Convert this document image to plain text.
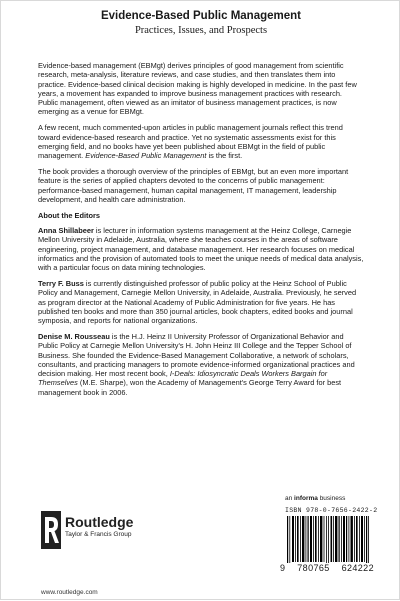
Evidence-Based Public Management
Practices, Issues, and Prospects

Evidence-based management (EBMgt) derives principles of good management from scientific research, meta-analysis, literature reviews, and case studies, and then translates them into practice. Evidence-based clinical decision making is highly developed in medicine. In the past few years, a movement has expanded to improve business management practices with research. Public management, often viewed as an imitator of business management practices, is now emerging as a venue for EBMgt.

A few recent, much commented-upon articles in public management journals reflect this trend toward evidence-based research and practice. Yet no systematic assessments exist for this emerging field, and no books have yet been published about EBMgt in the field of public management. Evidence-Based Public Management is the first.

The book provides a thorough overview of the principles of EBMgt, but an even more important feature is the series of applied chapters devoted to the concerns of public management: performance-based management, human capital management, IT management, leadership development, and health care administration.

About the Editors

Anna Shillabeer is lecturer in information systems management at the Heinz College, Carnegie Mellon University in Adelaide, Australia, where she teaches courses in the areas of software engineering, project management, and database management. Her research focuses on medical informatics and the provision of automated tools to meet the unique needs of medical data analysis, with a particular focus on data mining technologies.

Terry F. Buss is currently distinguished professor of public policy at the Heinz School of Public Policy and Management, Carnegie Mellon University, in Adelaide, Australia. Previously, he served as program director at the National Academy of Public Administration for five years. He has published ten books and more than 350 journal articles, book chapters, edited books and journal symposia, and reports for national organizations.

Denise M. Rousseau is the H.J. Heinz II University Professor of Organizational Behavior and Public Policy at Carnegie Mellon University's H. John Heinz III College and the Tepper School of Business. She founded the Evidence-Based Management Collaborative, a network of scholars, consultants, and practicing managers to promote evidence-informed organizational practices and decision making. Her most recent book, I-Deals: Idiosyncratic Deals Workers Bargain for Themselves (M.E. Sharpe), won the Academy of Management's George Terry Award for best management book in 2006.

an informa business
ISBN 978-0-7656-2422-2
9 780765 624222
Routledge
Taylor & Francis Group
www.routledge.com
